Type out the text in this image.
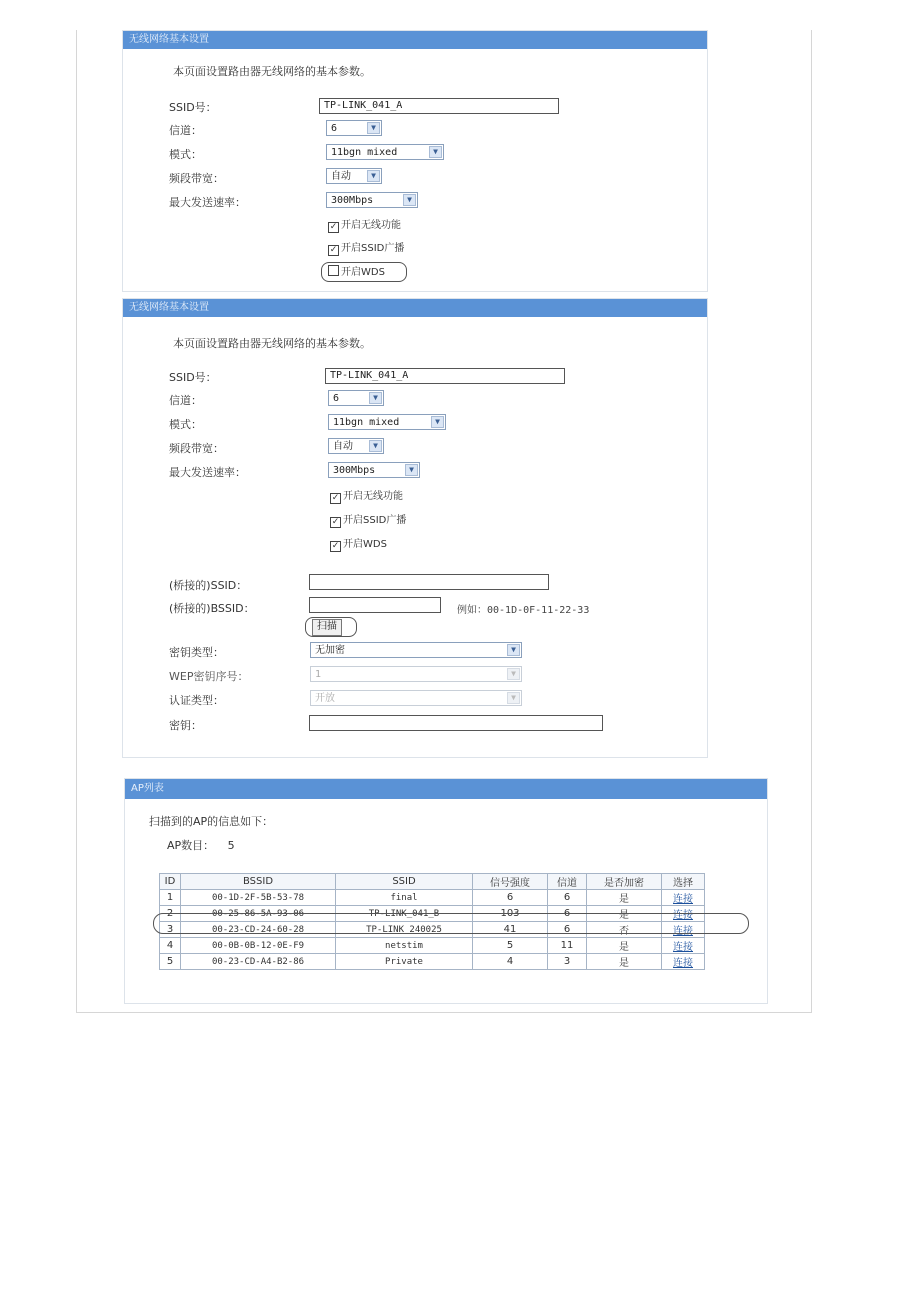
无线网络基本设置
本页面设置路由器无线网络的基本参数。
SSID号：	TP-LINK_041_A
信道：	6	▼
模式：	11bgn mixed	▼
频段带宽：	自动	▼
最大发送速率：	300Mbps	▼
✓ 开启无线功能
✓ 开启SSID广播
开启WDS
无线网络基本设置
本页面设置路由器无线网络的基本参数。
SSID号：	TP-LINK_041_A
信道：	6	▼
模式：	11bgn mixed	▼
频段带宽：	自动	▼
最大发送速率：	300Mbps	▼
✓ 开启无线功能
✓ 开启SSID广播
✓ 开启WDS
(桥接的)SSID：
(桥接的)BSSID：	例如：00-1D-0F-11-22-33
扫描
密钥类型：	无加密	▼
WEP密钥序号：	1	▼
认证类型：	开放	▼
密钥：
AP列表
扫描到的AP的信息如下：
AP数目： 5
ID	BSSID	SSID	信号强度	信道	是否加密	选择
1	00-1D-2F-5B-53-78	final	6	6	是	连接
2	00-25-86-5A-93-06	TP-LINK_041_B	103	6	是	连接
3	00-23-CD-24-60-28	TP-LINK_240025	41	6	否	连接
4	00-0B-0B-12-0E-F9	netstim	5	11	是	连接
5	00-23-CD-A4-B2-86	Private	4	3	是	连接
